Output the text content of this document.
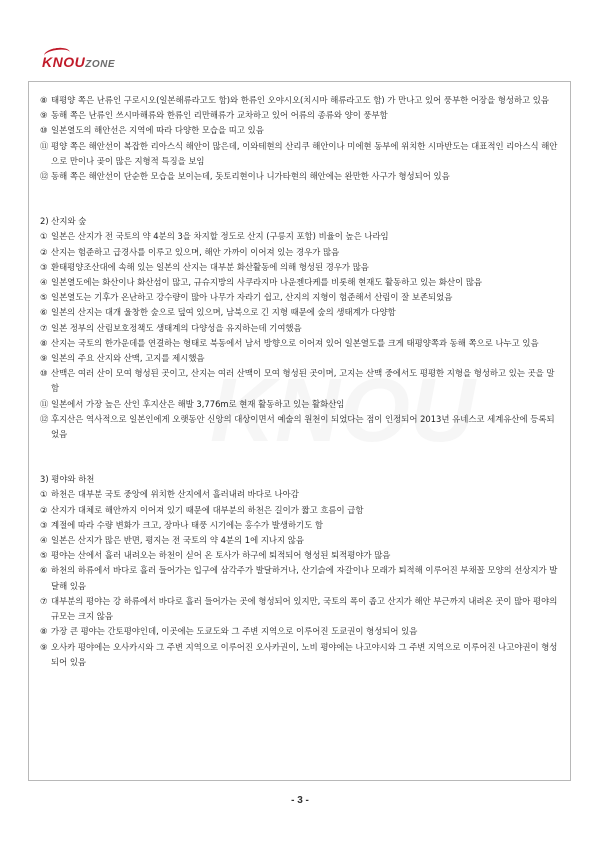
KNOUZONE
⑧ 태평양 쪽은 난류인 구로시오(일본해류라고도 함)와 한류인 오야시오(치시마 해류라고도 함) 가 만나고 있어 풍부한 어장을 형성하고 있음
⑨ 동해 쪽은 난류인 쓰시마해류와 한류인 리만해류가 교차하고 있어 어류의 종류와 양이 풍부함
⑩ 일본열도의 해안선은 지역에 따라 다양한 모습을 띠고 있음
⑪ 평양 쪽은 해안선이 복잡한 리아스식 해안이 많은데, 이와테현의 산리쿠 해안이나 미에현 동부에 위치한 시마반도는 대표적인 리아스식 해안으로 만이나 곶이 많은 지형적 특징을 보임
⑫ 동해 쪽은 해안선이 단순한 모습을 보이는데, 돗토리현이나 니가타현의 해안에는 완만한 사구가 형성되어 있음
2) 산지와 숲
① 일본은 산지가 전 국토의 약 4분의 3을 차지할 정도로 산지 (구릉지 포함) 비율이 높은 나라임
② 산지는 험준하고 급경사를 이루고 있으며, 해안 가까이 이어져 있는 경우가 많음
③ 환태평양조산대에 속해 있는 일본의 산지는 대부분 화산활동에 의해 형성된 경우가 많음
④ 일본열도에는 화산이나 화산섬이 많고, 규슈지방의 사쿠라지마 나운젠다케를 비롯해 현재도 활동하고 있는 화산이 많음
⑤ 일본열도는 기후가 온난하고 강수량이 많아 나무가 자라기 쉽고, 산지의 지형이 험준해서 산림이 잘 보존되었음
⑥ 일본의 산지는 대개 울창한 숲으로 덮여 있으며, 남북으로 긴 지형 때문에 숲의 생태계가 다양함
⑦ 일본 정부의 산림보호정책도 생태계의 다양성을 유지하는데 기여했음
⑧ 산지는 국토의 한가운데를 연결하는 형태로 북동에서 남서 방향으로 이어져 있어 일본열도를 크게 태평양쪽과 동해 쪽으로 나누고 있음
⑨ 일본의 주요 산지와 산맥, 고지를 제시했음
⑩ 산맥은 여러 산이 모여 형성된 곳이고, 산지는 여러 산맥이 모여 형성된 곳이며, 고지는 산맥 중에서도 평평한 지형을 형성하고 있는 곳을 말함
⑪ 일본에서 가장 높은 산인 후지산은 해발 3,776m로 현재 활동하고 있는 활화산임
⑫ 후지산은 역사적으로 일본인에게 오랫동안 신앙의 대상이면서 예술의 원천이 되었다는 점이 인정되어 2013년 유네스코 세계유산에 등록되었음
3) 평야와 하천
① 하천은 대부분 국토 중앙에 위치한 산지에서 흘러내려 바다로 나아감
② 산지가 대체로 해안까지 이어져 있기 때문에 대부분의 하천은 길이가 짧고 흐름이 급함
③ 계절에 따라 수량 변화가 크고, 장마나 태풍 시기에는 홍수가 발생하기도 함
④ 일본은 산지가 많은 반면, 평지는 전 국토의 약 4분의 1에 지나지 않음
⑤ 평야는 산에서 흘러 내려오는 하천이 싣어 온 토사가 하구에 퇴적되어 형성된 퇴적평야가 많음
⑥ 하천의 하류에서 바다로 흘러 들어가는 입구에 삼각주가 발달하거나, 산기슭에 자갈이나 모래가 퇴적해 이루어진 부채꼴 모양의 선상지가 발달해 있음
⑦ 대부분의 평야는 강 하류에서 바다로 흘러 들어가는 곳에 형성되어 있지만, 국토의 폭이 좁고 산지가 해안 부근까지 내려온 곳이 많아 평야의 규모는 크지 않음
⑧ 가장 큰 평야는 간토평야인데, 이곳에는 도쿄도와 그 주변 지역으로 이루어진 도쿄권이 형성되어 있음
⑨ 오사카 평야에는 오사카시와 그 주변 지역으로 이루어진 오사카권이, 노비 평야에는 나고야시와 그 주변 지역으로 이루어진 나고야권이 형성되어 있음
- 3 -
